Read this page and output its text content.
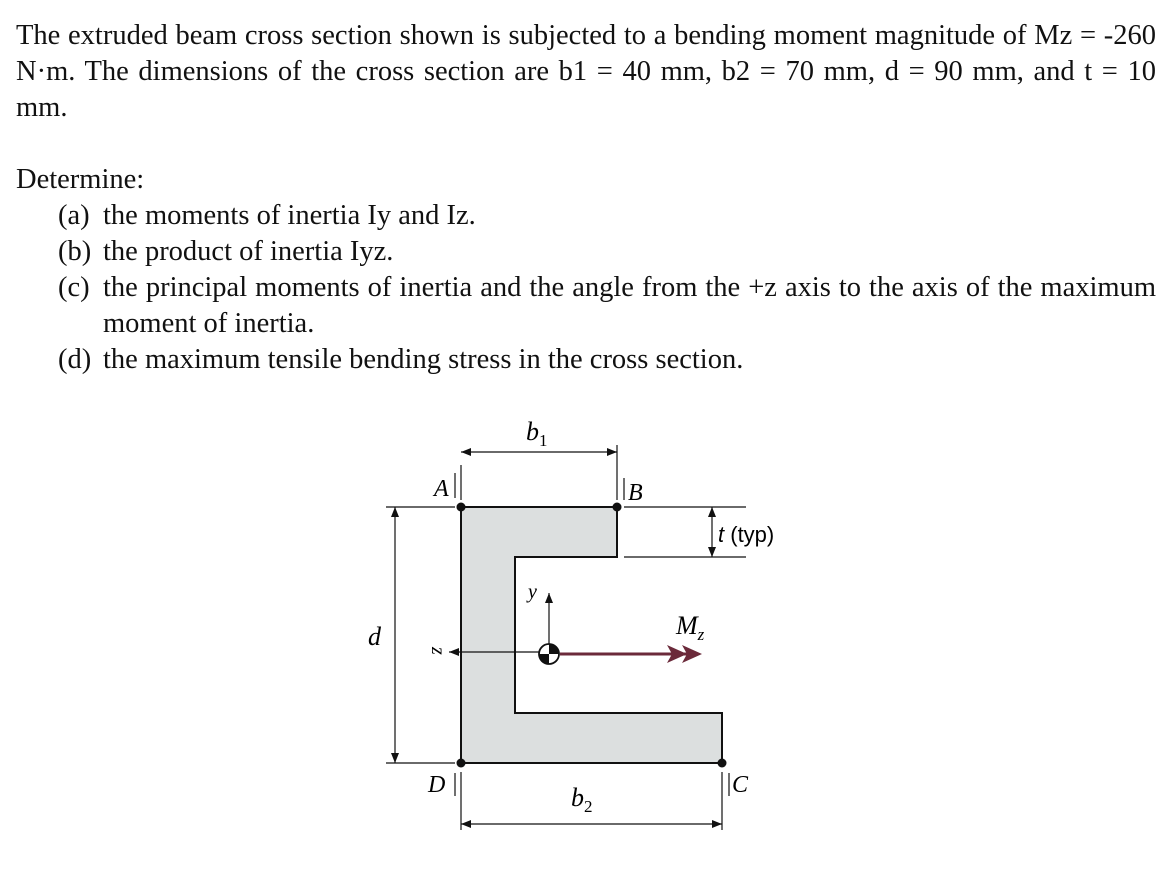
The extruded beam cross section shown is subjected to a bending moment magnitude of Mz = -260 N·m. The dimensions of the cross section are b1 = 40 mm, b2 = 70 mm, d = 90 mm, and t = 10 mm.

Determine:

(a) the moments of inertia Iy and Iz.
(b) the product of inertia Iyz.
(c) the principal moments of inertia and the angle from the +z axis to the axis of the maximum moment of inertia.
(d) the maximum tensile bending stress in the cross section.
$b_1$
$b_2$
d
t (typ)
A	B
C
D
y
z
$M_z$
